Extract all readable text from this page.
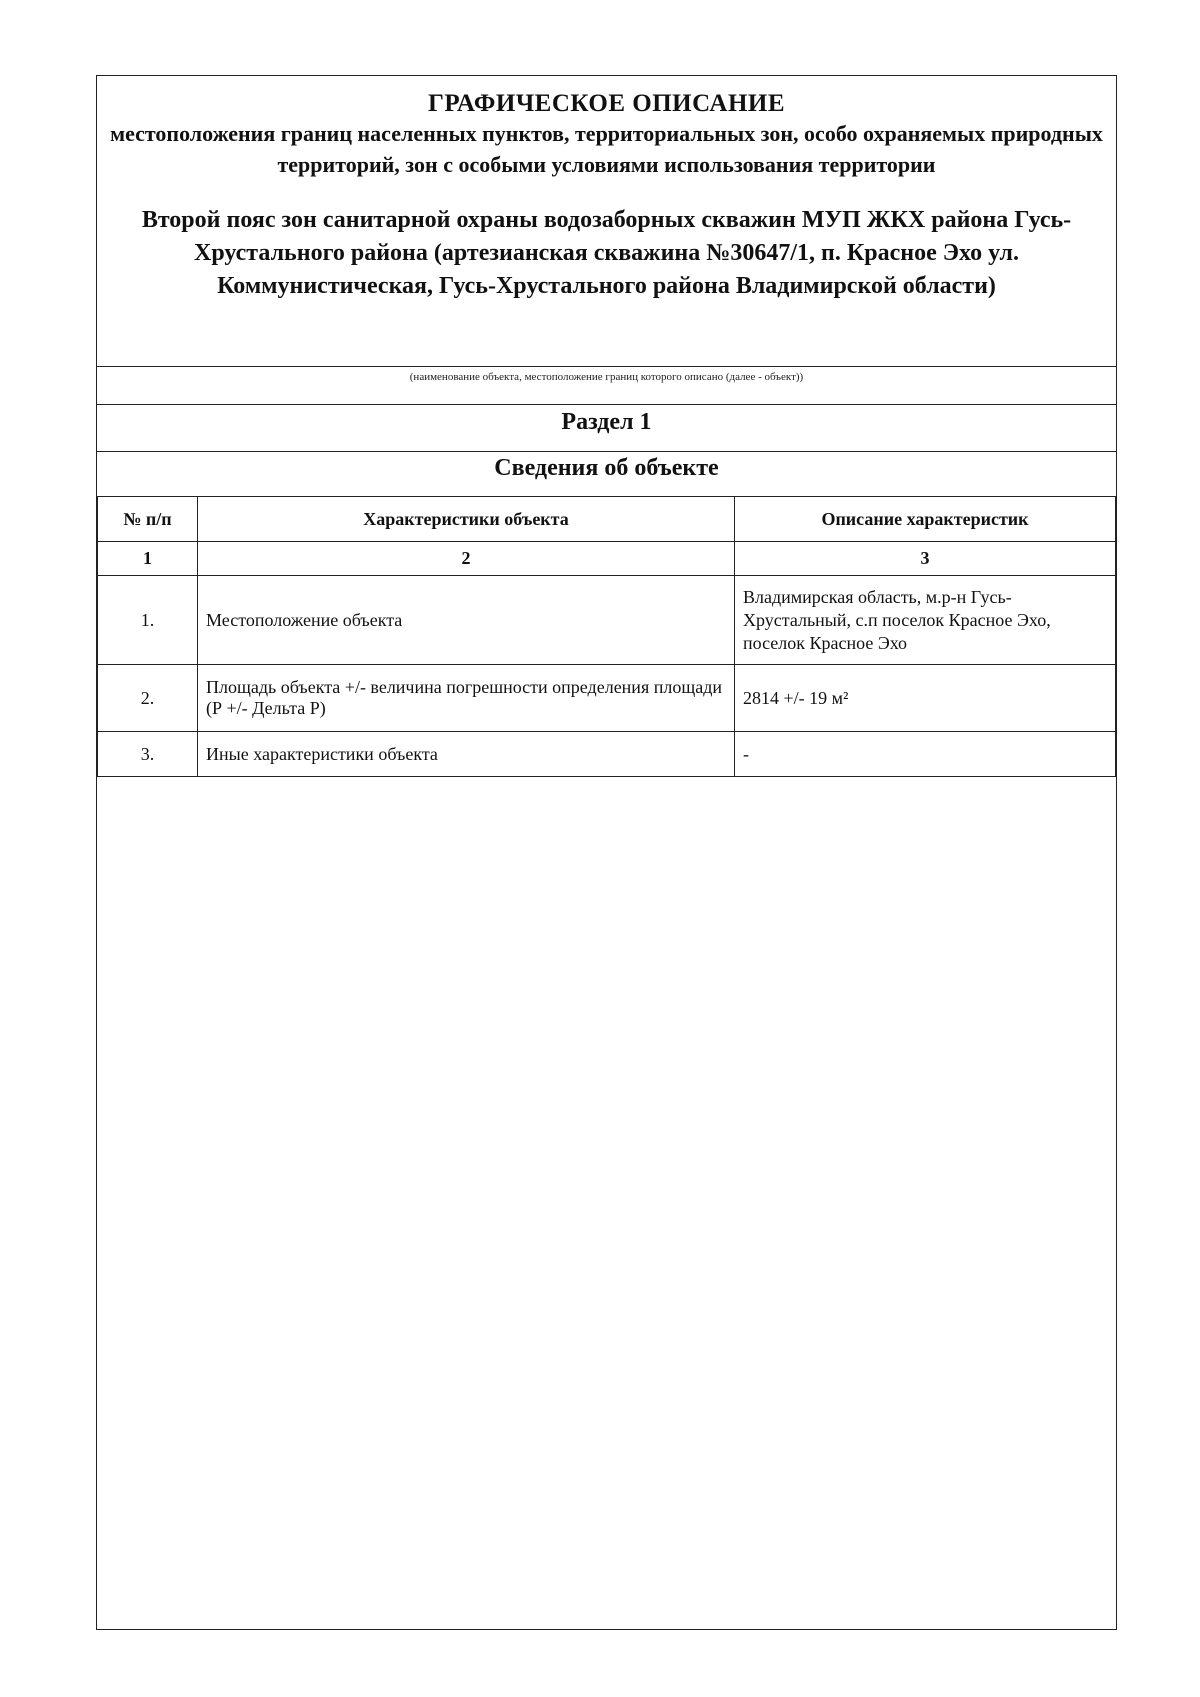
ГРАФИЧЕСКОЕ ОПИСАНИЕ
местоположения границ населенных пунктов, территориальных зон, особо охраняемых природных территорий, зон с особыми условиями использования территории
Второй пояс зон санитарной охраны водозаборных скважин МУП ЖКХ района Гусь-Хрустального района (артезианская скважина №30647/1, п. Красное Эхо ул. Коммунистическая, Гусь-Хрустального района Владимирской области)
(наименование объекта, местоположение границ которого описано (далее - объект))
Раздел 1
Сведения об объекте
№ п/п	Характеристики объекта	Описание характеристик
1	2	3
1.	Местоположение объекта	Владимирская область, м.р-н Гусь-Хрустальный, с.п поселок Красное Эхо, поселок Красное Эхо
2.	Площадь объекта +/- величина погрешности определения площади (Р +/- Дельта Р)	2814 +/- 19 м²
3.	Иные характеристики объекта	-
